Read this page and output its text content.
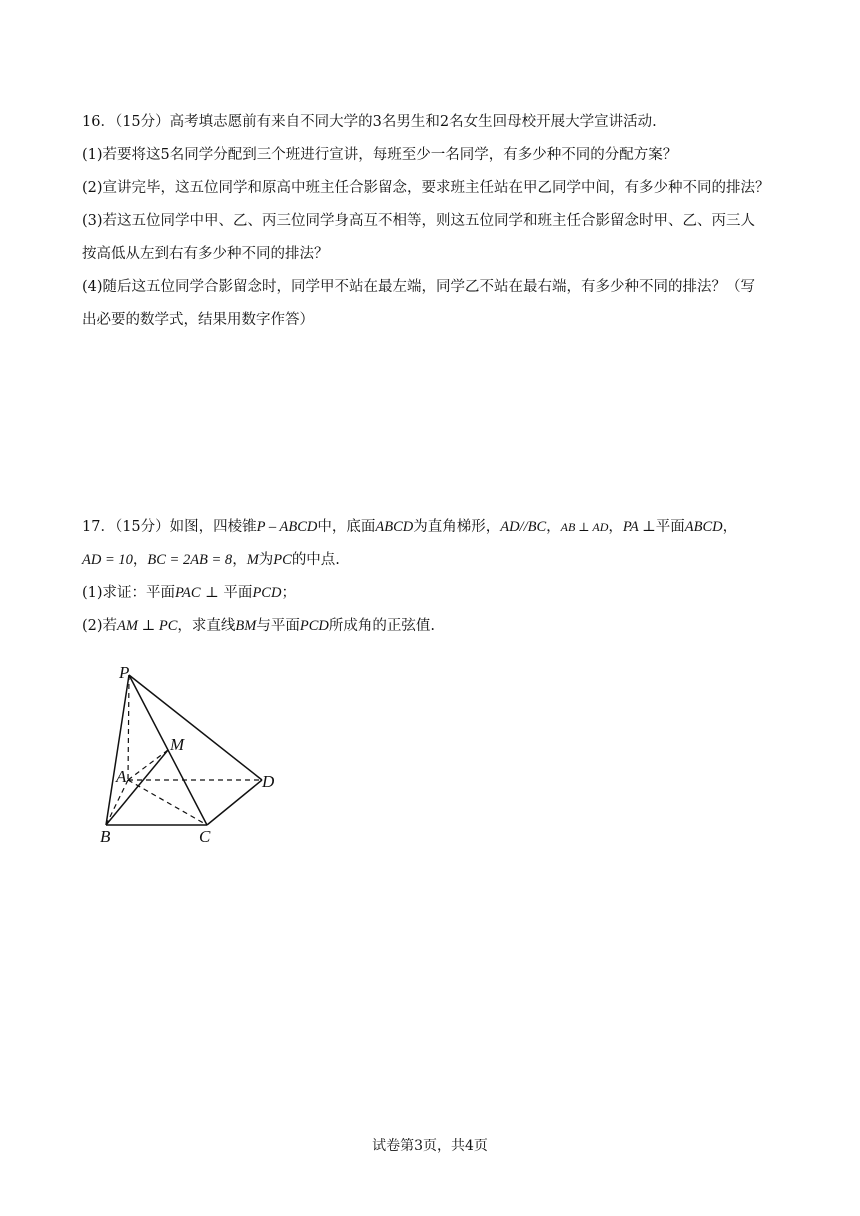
16．（15分）高考填志愿前有来自不同大学的3名男生和2名女生回母校开展大学宣讲活动.
(1)若要将这5名同学分配到三个班进行宣讲，每班至少一名同学，有多少种不同的分配方案？
(2)宣讲完毕，这五位同学和原高中班主任合影留念，要求班主任站在甲乙同学中间，有多少种不同的排法？
(3)若这五位同学中甲、乙、丙三位同学身高互不相等，则这五位同学和班主任合影留念时甲、乙、丙三人
按高低从左到右有多少种不同的排法？
(4)随后这五位同学合影留念时，同学甲不站在最左端，同学乙不站在最右端，有多少种不同的排法？（写
出必要的数学式，结果用数字作答）
17．（15分）如图，四棱锥P – ABCD中，底面ABCD为直角梯形，AD//BC，AB ⊥ AD，PA ⊥平面ABCD，
AD = 10，BC = 2AB = 8，M为PC的中点.
(1)求证：平面PAC ⊥ 平面PCD；
(2)若AM ⊥ PC，求直线BM与平面PCD所成角的正弦值.
P
M
A	D
B	C
试卷第3页，共4页
